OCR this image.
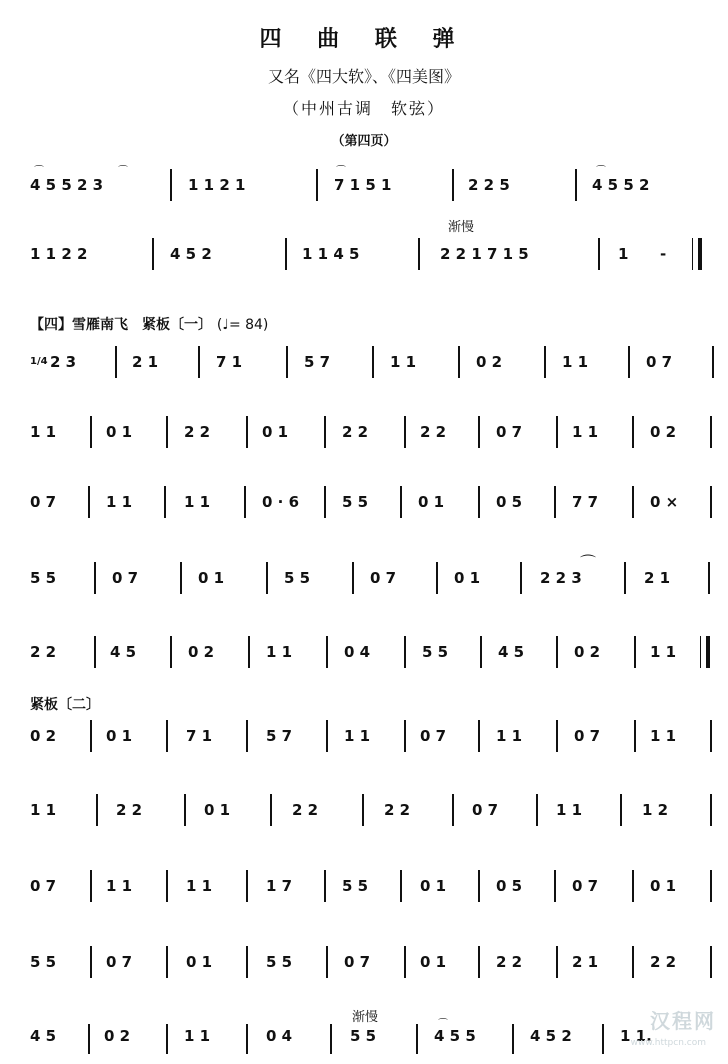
四 曲 联 弹
又名《四大软》、《四美图》
（中州古调　软弦）
（第四页）
4 5 5 2 3	1 1 2 1	7 1 5 1	2 2 5	4 5 5 2
⌒	⌒	⌒	⌒
渐慢
1 1 2 2	4 5 2	1 1 4 5	2 2 1 7 1 5	1 -
【四】雪雁南飞　紧板〔一〕 (♩= 84)
1/4 2 3	2 1	7 1	5 7	1 1	0 2	1 1	0 7
1 1	0 1	2 2	0 1	2 2	2 2	0 7	1 1	0 2
0 7	1 1	1 1	0 · 6	5 5	0 1	0 5	7 7	0 ×
5 5	0 7	0 1	5 5	0 7	0 1	2 2 3	2 1
⌒
2 2	4 5	0 2	1 1	0 4	5 5	4 5	0 2	1 1
紧板〔二〕
0 2	0 1	7 1	5 7	1 1	0 7	1 1	0 7	1 1
1 1	2 2	0 1	2 2	2 2	0 7	1 1	1 2
0 7	1 1	1 1	1 7	5 5	0 1	0 5	0 7	0 1
5 5	0 7	0 1	5 5	0 7	0 1	2 2	2 1	2 2
渐慢
4 5	0 2	1 1	0 4	5 5	4 5 5	4 5 2	1 1.
⌒	汉程网
www.httpcn.com
